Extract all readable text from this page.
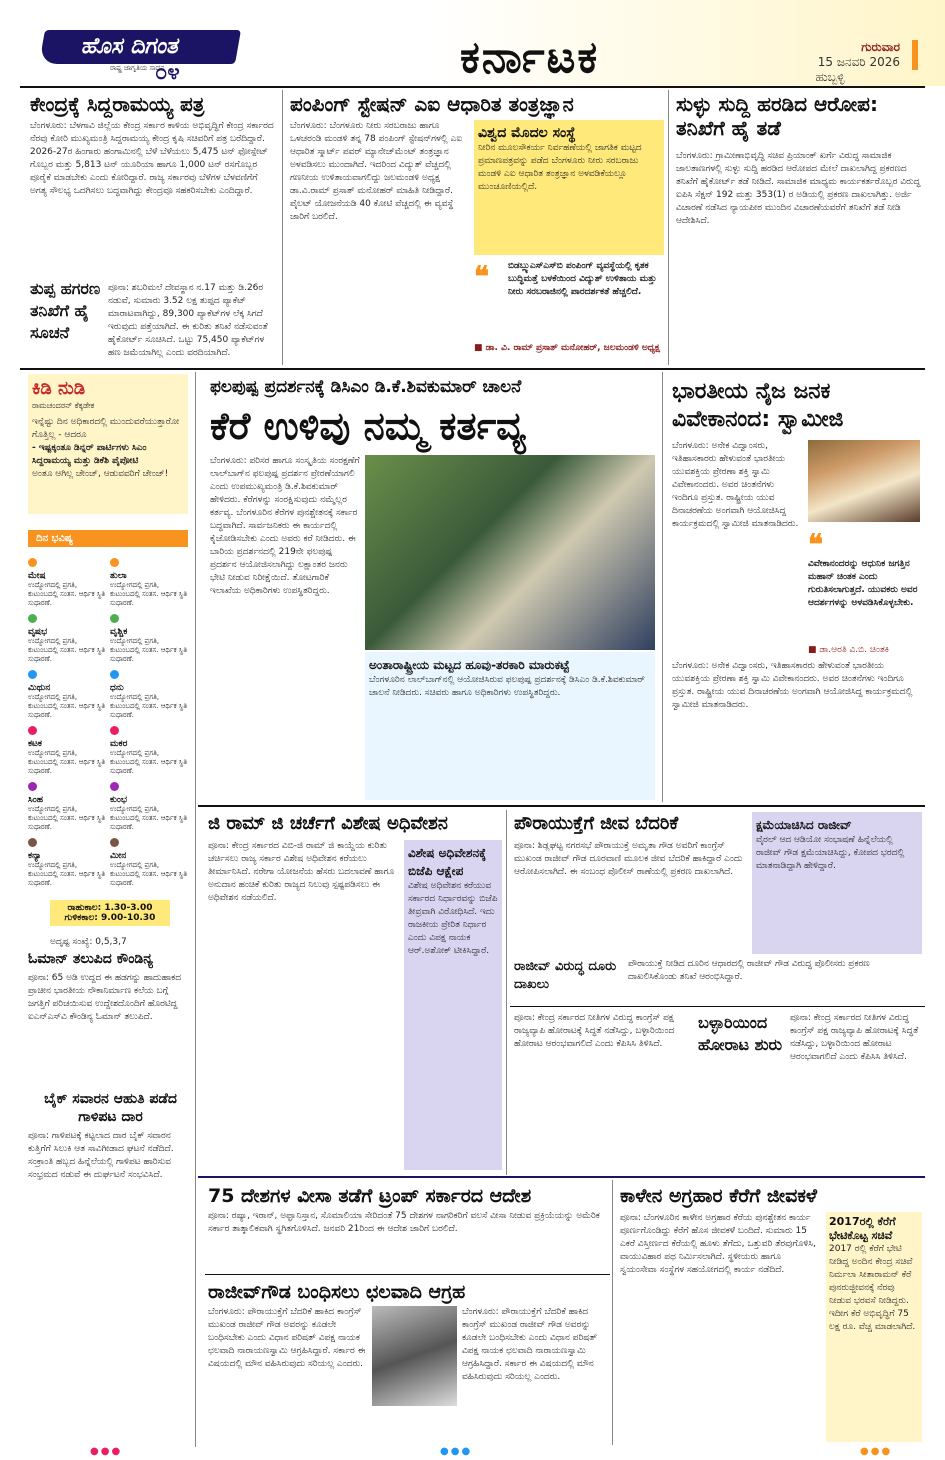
ಹೊಸ ದಿಗಂತ
ರಾಷ್ಟ್ರ ಜಾಗೃತಿಯ ಸಾಧನ
೦೪	ಕರ್ನಾಟಕ	ಗುರುವಾರ
15 ಜನವರಿ 2026
ಹುಬ್ಬಳ್ಳಿ
ಕೇಂದ್ರಕ್ಕೆ ಸಿದ್ದರಾಮಯ್ಯ ಪತ್ರ
ಬೆಂಗಳೂರು: ಬೆಳಗಾವಿ ಜಿಲ್ಲೆಯ ಕೇಂದ್ರ ಸರ್ಕಾರ ಕಾಳಿಯ ಅಭಿವೃದ್ಧಿಗೆ ಕೇಂದ್ರ ಸರ್ಕಾರದ ನೆರವು ಕೋರಿ ಮುಖ್ಯಮಂತ್ರಿ ಸಿದ್ದರಾಮಯ್ಯ ಕೇಂದ್ರ ಕೃಷಿ ಸಚಿವರಿಗೆ ಪತ್ರ ಬರೆದಿದ್ದಾರೆ. 2026-27ರ ಹಿಂಗಾರು ಹಂಗಾಮಿನಲ್ಲಿ ಬೆಳೆ ಬೆಳೆಯಲು 5,475 ಟನ್ ಫೋಸ್ಪೇಟ್ ಗೊಬ್ಬರ ಮತ್ತು 5,813 ಟನ್ ಯೂರಿಯಾ ಹಾಗೂ 1,000 ಟನ್ ರಸಗೊಬ್ಬರ ಪೂರೈಕೆ ಮಾಡಬೇಕು ಎಂದು ಕೋರಿದ್ದಾರೆ. ರಾಜ್ಯ ಸರ್ಕಾರವು ಬೆಳೆಗಳ ಬೆಳವಣಿಗೆಗೆ ಅಗತ್ಯ ಸೌಲಭ್ಯ ಒದಗಿಸಲು ಬದ್ಧವಾಗಿದ್ದು ಕೇಂದ್ರವೂ ಸಹಕರಿಸಬೇಕು ಎಂದಿದ್ದಾರೆ.
ತುಪ್ಪ ಹಗರಣ ತನಿಖೆಗೆ ಹೈ ಸೂಚನೆ
ಪೂನಾ: ಶಬರಿಮಲೆ ದೇವಸ್ಥಾನ ನ.17 ಮತ್ತು ಡಿ.26ರ ನಡುವೆ, ಸುಮಾರು 3.52 ಲಕ್ಷ ತುಪ್ಪದ ಪ್ಯಾಕೆಟ್ ಮಾರಾಟವಾಗಿದ್ದು, 89,300 ಪ್ಯಾಕೆಟ್‌ಗಳ ಲೆಕ್ಕ ಸಿಗದೆ ಇರುವುದು ಪತ್ತೆಯಾಗಿದೆ. ಈ ಕುರಿತು ತನಿಖೆ ನಡೆಸುವಂತೆ ಹೈಕೋರ್ಟ್ ಸೂಚಿಸಿದೆ. ಒಟ್ಟು 75,450 ಪ್ಯಾಕೆಟ್‌ಗಳ ಹಣ ಜಮೆಯಾಗಿಲ್ಲ ಎಂದು ವರದಿಯಾಗಿದೆ.
ಪಂಪಿಂಗ್ ಸ್ಟೇಷನ್ ಎಐ ಆಧಾರಿತ ತಂತ್ರಜ್ಞಾನ
ಬೆಂಗಳೂರು: ಬೆಂಗಳೂರು ನೀರು ಸರಬರಾಜು ಹಾಗೂ ಒಳಚರಂಡಿ ಮಂಡಳಿ ತನ್ನ 78 ಪಂಪಿಂಗ್ ಸ್ಟೇಷನ್‌ಗಳಲ್ಲಿ ಎಐ ಆಧಾರಿತ ಸ್ಮಾರ್ಟ್ ಪವರ್ ಮ್ಯಾನೇಜ್‌ಮೆಂಟ್ ತಂತ್ರಜ್ಞಾನ ಅಳವಡಿಸಲು ಮುಂದಾಗಿದೆ. ಇದರಿಂದ ವಿದ್ಯುತ್ ವೆಚ್ಚದಲ್ಲಿ ಗಣನೀಯ ಉಳಿತಾಯವಾಗಲಿದ್ದು ಜಲಮಂಡಳಿ ಅಧ್ಯಕ್ಷ ಡಾ.ವಿ.ರಾಮ್ ಪ್ರಸಾತ್ ಮನೋಹರ್ ಮಾಹಿತಿ ನೀಡಿದ್ದಾರೆ. ಪೈಲಟ್ ಯೋಜನೆಯಡಿ 40 ಕೋಟಿ ವೆಚ್ಚದಲ್ಲಿ ಈ ವ್ಯವಸ್ಥೆ ಜಾರಿಗೆ ಬರಲಿದೆ.
ವಿಶ್ವದ ಮೊದಲ ಸಂಸ್ಥೆ
ನೀರಿನ ಮೂಲಸೌಕರ್ಯ ನಿರ್ವಹಣೆಯಲ್ಲಿ ಜಾಗತಿಕ ಮಟ್ಟದ ಪ್ರಮಾಣಪತ್ರವನ್ನು ಪಡೆದ ಬೆಂಗಳೂರು ನೀರು ಸರಬರಾಜು ಮಂಡಳಿ ಎಐ ಆಧಾರಿತ ತಂತ್ರಜ್ಞಾನ ಅಳವಡಿಕೆಯಲ್ಲೂ ಮುಂಚೂಣಿಯಲ್ಲಿದೆ.
❝	ಬಿಡಬ್ಲ್ಯುಎಸ್‌ಎಸ್‌ಬಿ ಪಂಪಿಂಗ್ ವ್ಯವಸ್ಥೆಯಲ್ಲಿ ಕೃತಕ ಬುದ್ಧಿಮತ್ತೆ ಬಳಕೆಯಿಂದ ವಿದ್ಯುತ್ ಉಳಿತಾಯ ಮತ್ತು ನೀರು ಸರಬರಾಜಿನಲ್ಲಿ ಪಾರದರ್ಶಕತೆ ಹೆಚ್ಚಲಿದೆ.
■ ಡಾ. ವಿ. ರಾಮ್ ಪ್ರಸಾತ್ ಮನೋಹರ್, ಜಲಮಂಡಳಿ ಅಧ್ಯಕ್ಷ
ಸುಳ್ಳು ಸುದ್ದಿ ಹರಡಿದ ಆರೋಪ: ತನಿಖೆಗೆ ಹೈ ತಡೆ
ಬೆಂಗಳೂರು: ಗ್ರಾಮೀಣಾಭಿವೃದ್ಧಿ ಸಚಿವ ಪ್ರಿಯಾಂಕ್ ಖರ್ಗೆ ವಿರುದ್ಧ ಸಾಮಾಜಿಕ ಜಾಲತಾಣಗಳಲ್ಲಿ ಸುಳ್ಳು ಸುದ್ದಿ ಹರಡಿದ ಆರೋಪದ ಮೇಲೆ ದಾಖಲಾಗಿದ್ದ ಪ್ರಕರಣದ ತನಿಖೆಗೆ ಹೈಕೋರ್ಟ್ ತಡೆ ನೀಡಿದೆ. ಸಾಮಾಜಿಕ ಮಾಧ್ಯಮ ಕಾರ್ಯಕರ್ತರೊಬ್ಬರ ವಿರುದ್ಧ ಐಪಿಸಿ ಸೆಕ್ಷನ್ 192 ಮತ್ತು 353(1) ರ ಅಡಿಯಲ್ಲಿ ಪ್ರಕರಣ ದಾಖಲಾಗಿತ್ತು. ಅರ್ಜಿ ವಿಚಾರಣೆ ನಡೆಸಿದ ನ್ಯಾಯಪೀಠ ಮುಂದಿನ ವಿಚಾರಣೆಯವರೆಗೆ ತನಿಖೆಗೆ ತಡೆ ನೀಡಿ ಆದೇಶಿಸಿದೆ.
ಕಿಡಿ ನುಡಿ
ರಾಮಚಂದರನ್ ಕೆಕ್ಕಡೇಕ
ಇನ್ನೆಷ್ಟು ದಿನ ಅಧಿಕಾರದಲ್ಲಿ ಮುಂದುವರೆಯುತ್ತಾರೋ ಗೊತ್ತಿಲ್ಲ - ಆದರೂ
- ಇಷ್ಟಕ್ಕಂತೂ ಡಿನ್ನರ್ ಪಾರ್ಟಿಗಳು ಸಿಎಂ ಸಿದ್ದರಾಮಯ್ಯ ಮತ್ತು ಡಿಕೆಶಿ ಪೈಪೋಟಿ
ಅಂತೂ ಆಗಿಲ್ಲ ಚೇಂಜ್, ಆಡುವವರಿಗೆ ಚೇಂಜ್!
ದಿನ ಭವಿಷ್ಯ
ಮೇಷ
ಉದ್ಯೋಗದಲ್ಲಿ ಪ್ರಗತಿ, ಕುಟುಂಬದಲ್ಲಿ ಸಂತಸ. ಆರ್ಥಿಕ ಸ್ಥಿತಿ ಸುಧಾರಣೆ.
ತುಲಾ
ಉದ್ಯೋಗದಲ್ಲಿ ಪ್ರಗತಿ, ಕುಟುಂಬದಲ್ಲಿ ಸಂತಸ. ಆರ್ಥಿಕ ಸ್ಥಿತಿ ಸುಧಾರಣೆ.
ವೃಷಭ
ಉದ್ಯೋಗದಲ್ಲಿ ಪ್ರಗತಿ, ಕುಟುಂಬದಲ್ಲಿ ಸಂತಸ. ಆರ್ಥಿಕ ಸ್ಥಿತಿ ಸುಧಾರಣೆ.
ವೃಶ್ಚಿಕ
ಉದ್ಯೋಗದಲ್ಲಿ ಪ್ರಗತಿ, ಕುಟುಂಬದಲ್ಲಿ ಸಂತಸ. ಆರ್ಥಿಕ ಸ್ಥಿತಿ ಸುಧಾರಣೆ.
ಮಿಥುನ
ಉದ್ಯೋಗದಲ್ಲಿ ಪ್ರಗತಿ, ಕುಟುಂಬದಲ್ಲಿ ಸಂತಸ. ಆರ್ಥಿಕ ಸ್ಥಿತಿ ಸುಧಾರಣೆ.
ಧನು
ಉದ್ಯೋಗದಲ್ಲಿ ಪ್ರಗತಿ, ಕುಟುಂಬದಲ್ಲಿ ಸಂತಸ. ಆರ್ಥಿಕ ಸ್ಥಿತಿ ಸುಧಾರಣೆ.
ಕಟಕ
ಉದ್ಯೋಗದಲ್ಲಿ ಪ್ರಗತಿ, ಕುಟುಂಬದಲ್ಲಿ ಸಂತಸ. ಆರ್ಥಿಕ ಸ್ಥಿತಿ ಸುಧಾರಣೆ.
ಮಕರ
ಉದ್ಯೋಗದಲ್ಲಿ ಪ್ರಗತಿ, ಕುಟುಂಬದಲ್ಲಿ ಸಂತಸ. ಆರ್ಥಿಕ ಸ್ಥಿತಿ ಸುಧಾರಣೆ.
ಸಿಂಹ
ಉದ್ಯೋಗದಲ್ಲಿ ಪ್ರಗತಿ, ಕುಟುಂಬದಲ್ಲಿ ಸಂತಸ. ಆರ್ಥಿಕ ಸ್ಥಿತಿ ಸುಧಾರಣೆ.
ಕುಂಭ
ಉದ್ಯೋಗದಲ್ಲಿ ಪ್ರಗತಿ, ಕುಟುಂಬದಲ್ಲಿ ಸಂತಸ. ಆರ್ಥಿಕ ಸ್ಥಿತಿ ಸುಧಾರಣೆ.
ಕನ್ಯಾ
ಉದ್ಯೋಗದಲ್ಲಿ ಪ್ರಗತಿ, ಕುಟುಂಬದಲ್ಲಿ ಸಂತಸ. ಆರ್ಥಿಕ ಸ್ಥಿತಿ ಸುಧಾರಣೆ.
ಮೀನ
ಉದ್ಯೋಗದಲ್ಲಿ ಪ್ರಗತಿ, ಕುಟುಂಬದಲ್ಲಿ ಸಂತಸ. ಆರ್ಥಿಕ ಸ್ಥಿತಿ ಸುಧಾರಣೆ.
ರಾಹುಕಾಲ: 1.30-3.00
ಗುಳಿಕಕಾಲ: 9.00-10.30
ಅದೃಷ್ಟ ಸಂಖ್ಯೆ: 0,5,3,7
ಓಮಾನ್ ತಲುಪಿದ ಕೌಂಡಿನ್ಯ
ಪೂನಾ: 65 ಅಡಿ ಉದ್ದದ ಈ ಹಡಗನ್ನು ಹಾದುಹಾಕದ ಪ್ರಾಚೀನ ಭಾರತೀಯ ನೌಕಾನಿರ್ಮಾಣ ಕಲೆಯ ಬಗ್ಗೆ ಜಗತ್ತಿಗೆ ಪರಿಚಯಿಸುವ ಉದ್ದೇಶದೊಂದಿಗೆ ಹೊರಟಿದ್ದ ಐಎನ್‌ಎಸ್‌ವಿ ಕೌಂಡಿನ್ಯ ಓಮಾನ್ ತಲುಪಿದೆ.
ಬೈಕ್ ಸವಾರನ ಆಹುತಿ ಪಡೆದ ಗಾಳಿಪಟ ದಾರ
ಪೂನಾ: ಗಾಳಿಪಟಕ್ಕೆ ಕಟ್ಟಲಾದ ದಾರ ಬೈಕ್ ಸವಾರನ ಕುತ್ತಿಗೆಗೆ ಸಿಲುಕಿ ಆತ ಸಾವಿಗೀಡಾದ ಘಟನೆ ನಡೆದಿದೆ. ಸಂಕ್ರಾಂತಿ ಹಬ್ಬದ ಹಿನ್ನೆಲೆಯಲ್ಲಿ ಗಾಳಿಪಟ ಹಾರಿಸುವ ಸಂಭ್ರಮದ ನಡುವೆ ಈ ದುರ್ಘಟನೆ ಸಂಭವಿಸಿದೆ.
ಫಲಪುಷ್ಪ ಪ್ರದರ್ಶನಕ್ಕೆ ಡಿಸಿಎಂ ಡಿ.ಕೆ.ಶಿವಕುಮಾರ್ ಚಾಲನೆ
ಕೆರೆ ಉಳಿವು ನಮ್ಮ ಕರ್ತವ್ಯ
ಬೆಂಗಳೂರು: ಪರಿಸರ ಹಾಗೂ ಸಂಸ್ಕೃತಿಯ ಸಂರಕ್ಷಣೆಗೆ ಲಾಲ್‌ಬಾಗ್‌ನ ಫಲಪುಷ್ಪ ಪ್ರದರ್ಶನ ಪ್ರೇರಣೆಯಾಗಲಿ ಎಂದು ಉಪಮುಖ್ಯಮಂತ್ರಿ ಡಿ.ಕೆ.ಶಿವಕುಮಾರ್ ಹೇಳಿದರು. ಕೆರೆಗಳನ್ನು ಸಂರಕ್ಷಿಸುವುದು ನಮ್ಮೆಲ್ಲರ ಕರ್ತವ್ಯ. ಬೆಂಗಳೂರಿನ ಕೆರೆಗಳ ಪುನಶ್ಚೇತನಕ್ಕೆ ಸರ್ಕಾರ ಬದ್ಧವಾಗಿದೆ. ಸಾರ್ವಜನಿಕರು ಈ ಕಾರ್ಯದಲ್ಲಿ ಕೈಜೋಡಿಸಬೇಕು ಎಂದು ಅವರು ಕರೆ ನೀಡಿದರು. ಈ ಬಾರಿಯ ಪ್ರದರ್ಶನದಲ್ಲಿ 219ನೇ ಫಲಪುಷ್ಪ ಪ್ರದರ್ಶನ ಆಯೋಜಿಸಲಾಗಿದ್ದು ಲಕ್ಷಾಂತರ ಜನರು ಭೇಟಿ ನೀಡುವ ನಿರೀಕ್ಷೆಯಿದೆ. ತೋಟಗಾರಿಕೆ ಇಲಾಖೆಯ ಅಧಿಕಾರಿಗಳು ಉಪಸ್ಥಿತರಿದ್ದರು.
ಅಂತಾರಾಷ್ಟ್ರೀಯ ಮಟ್ಟದ ಹೂವು-ತರಕಾರಿ ಮಾರುಕಟ್ಟೆ
ಬೆಂಗಳೂರಿನ ಲಾಲ್‌ಬಾಗ್‌ನಲ್ಲಿ ಆಯೋಜಿಸಿರುವ ಫಲಪುಷ್ಪ ಪ್ರದರ್ಶನಕ್ಕೆ ಡಿಸಿಎಂ ಡಿ.ಕೆ.ಶಿವಕುಮಾರ್ ಚಾಲನೆ ನೀಡಿದರು. ಸಚಿವರು ಹಾಗೂ ಅಧಿಕಾರಿಗಳು ಉಪಸ್ಥಿತರಿದ್ದರು.
ಭಾರತೀಯ ನೈಜ ಜನಕ ವಿವೇಕಾನಂದ: ಸ್ವಾಮೀಜಿ
ಬೆಂಗಳೂರು: ಅನೇಕ ವಿದ್ವಾಂಸರು, ಇತಿಹಾಸಕಾರರು ಹೇಳುವಂತೆ ಭಾರತೀಯ ಯುವಶಕ್ತಿಯ ಪ್ರೇರಣಾ ಶಕ್ತಿ ಸ್ವಾಮಿ ವಿವೇಕಾನಂದರು. ಅವರ ಚಿಂತನೆಗಳು ಇಂದಿಗೂ ಪ್ರಸ್ತುತ. ರಾಷ್ಟ್ರೀಯ ಯುವ ದಿನಾಚರಣೆಯ ಅಂಗವಾಗಿ ಆಯೋಜಿಸಿದ್ದ ಕಾರ್ಯಕ್ರಮದಲ್ಲಿ ಸ್ವಾಮೀಜಿ ಮಾತನಾಡಿದರು.
❝
ವಿವೇಕಾನಂದರನ್ನು ಆಧುನಿಕ ಜಗತ್ತಿನ ಮಹಾನ್ ಚಿಂತಕ ಎಂದು ಗುರುತಿಸಲಾಗುತ್ತದೆ. ಯುವಕರು ಅವರ ಆದರ್ಶಗಳನ್ನು ಅಳವಡಿಸಿಕೊಳ್ಳಬೇಕು.
■ ಡಾ.ಆರತಿ ವಿ.ಬಿ. ಚಿಂತಕಿ
ಬೆಂಗಳೂರು: ಅನೇಕ ವಿದ್ವಾಂಸರು, ಇತಿಹಾಸಕಾರರು ಹೇಳುವಂತೆ ಭಾರತೀಯ ಯುವಶಕ್ತಿಯ ಪ್ರೇರಣಾ ಶಕ್ತಿ ಸ್ವಾಮಿ ವಿವೇಕಾನಂದರು. ಅವರ ಚಿಂತನೆಗಳು ಇಂದಿಗೂ ಪ್ರಸ್ತುತ. ರಾಷ್ಟ್ರೀಯ ಯುವ ದಿನಾಚರಣೆಯ ಅಂಗವಾಗಿ ಆಯೋಜಿಸಿದ್ದ ಕಾರ್ಯಕ್ರಮದಲ್ಲಿ ಸ್ವಾಮೀಜಿ ಮಾತನಾಡಿದರು.
ಜಿ ರಾಮ್ ಜಿ ಚರ್ಚೆಗೆ ವಿಶೇಷ ಅಧಿವೇಶನ
ಪೂನಾ: ಕೇಂದ್ರ ಸರ್ಕಾರದ ವಿಬಿ-ಜಿ ರಾಮ್ ಜಿ ಕಾಯ್ದೆಯ ಕುರಿತು ಚರ್ಚಿಸಲು ರಾಜ್ಯ ಸರ್ಕಾರ ವಿಶೇಷ ಅಧಿವೇಶನ ಕರೆಯಲು ತೀರ್ಮಾನಿಸಿದೆ. ನರೇಗಾ ಯೋಜನೆಯ ಹೆಸರು ಬದಲಾವಣೆ ಹಾಗೂ ಅನುದಾನ ಹಂಚಿಕೆ ಕುರಿತು ರಾಜ್ಯದ ನಿಲುವು ಸ್ಪಷ್ಟಪಡಿಸಲು ಈ ಅಧಿವೇಶನ ನಡೆಯಲಿದೆ.
ವಿಶೇಷ ಅಧಿವೇಶನಕ್ಕೆ ಬಿಜೆಪಿ ಆಕ್ಷೇಪ
ವಿಶೇಷ ಅಧಿವೇಶನ ಕರೆಯುವ ಸರ್ಕಾರದ ನಿರ್ಧಾರವನ್ನು ಬಿಜೆಪಿ ತೀವ್ರವಾಗಿ ವಿರೋಧಿಸಿದೆ. ಇದು ರಾಜಕೀಯ ಪ್ರೇರಿತ ನಿರ್ಧಾರ ಎಂದು ವಿಪಕ್ಷ ನಾಯಕ ಆರ್.ಅಶೋಕ್ ಟೀಕಿಸಿದ್ದಾರೆ.
ಪೌರಾಯುಕ್ತೆಗೆ ಜೀವ ಬೆದರಿಕೆ
ಪೂನಾ: ಶಿಡ್ಲಘಟ್ಟ ನಗರಸಭೆ ಪೌರಾಯುಕ್ತೆ ಅಮೃತಾ ಗೌಡ ಅವರಿಗೆ ಕಾಂಗ್ರೆಸ್ ಮುಖಂಡ ರಾಜೀವ್ ಗೌಡ ದೂರವಾಣಿ ಮೂಲಕ ಜೀವ ಬೆದರಿಕೆ ಹಾಕಿದ್ದಾರೆ ಎಂದು ಆರೋಪಿಸಲಾಗಿದೆ. ಈ ಸಂಬಂಧ ಪೊಲೀಸ್ ಠಾಣೆಯಲ್ಲಿ ಪ್ರಕರಣ ದಾಖಲಾಗಿದೆ.
ರಾಜೀವ್ ವಿರುದ್ಧ ದೂರು ದಾಖಲು
ಪೌರಾಯುಕ್ತೆ ನೀಡಿದ ದೂರಿನ ಆಧಾರದಲ್ಲಿ ರಾಜೀವ್ ಗೌಡ ವಿರುದ್ಧ ಪೊಲೀಸರು ಪ್ರಕರಣ ದಾಖಲಿಸಿಕೊಂಡು ತನಿಖೆ ಆರಂಭಿಸಿದ್ದಾರೆ.
ಕ್ಷಮೆಯಾಚಿಸಿದ ರಾಜೀವ್
ವೈರಲ್ ಆದ ಆಡಿಯೋ ಸಂಭಾಷಣೆ ಹಿನ್ನೆಲೆಯಲ್ಲಿ ರಾಜೀವ್ ಗೌಡ ಕ್ಷಮೆಯಾಚಿಸಿದ್ದು, ಕೋಪದ ಭರದಲ್ಲಿ ಮಾತನಾಡಿದ್ದಾಗಿ ಹೇಳಿದ್ದಾರೆ.
ಪೂನಾ: ಕೇಂದ್ರ ಸರ್ಕಾರದ ನೀತಿಗಳ ವಿರುದ್ಧ ಕಾಂಗ್ರೆಸ್ ಪಕ್ಷ ರಾಜ್ಯವ್ಯಾಪಿ ಹೋರಾಟಕ್ಕೆ ಸಿದ್ಧತೆ ನಡೆಸಿದ್ದು, ಬಳ್ಳಾರಿಯಿಂದ ಹೋರಾಟ ಆರಂಭವಾಗಲಿದೆ ಎಂದು ಕೆಪಿಸಿಸಿ ತಿಳಿಸಿದೆ.
ಬಳ್ಳಾರಿಯಿಂದ ಹೋರಾಟ ಶುರು
ಪೂನಾ: ಕೇಂದ್ರ ಸರ್ಕಾರದ ನೀತಿಗಳ ವಿರುದ್ಧ ಕಾಂಗ್ರೆಸ್ ಪಕ್ಷ ರಾಜ್ಯವ್ಯಾಪಿ ಹೋರಾಟಕ್ಕೆ ಸಿದ್ಧತೆ ನಡೆಸಿದ್ದು, ಬಳ್ಳಾರಿಯಿಂದ ಹೋರಾಟ ಆರಂಭವಾಗಲಿದೆ ಎಂದು ಕೆಪಿಸಿಸಿ ತಿಳಿಸಿದೆ.
75 ದೇಶಗಳ ವೀಸಾ ತಡೆಗೆ ಟ್ರಂಪ್ ಸರ್ಕಾರದ ಆದೇಶ
ಪೂನಾ: ರಷ್ಯಾ, ಇರಾನ್, ಅಫ್ಘಾನಿಸ್ತಾನ, ಸೊಮಾಲಿಯಾ ಸೇರಿದಂತೆ 75 ದೇಶಗಳ ನಾಗರಿಕರಿಗೆ ವಲಸೆ ವೀಸಾ ನೀಡುವ ಪ್ರಕ್ರಿಯೆಯನ್ನು ಅಮೆರಿಕ ಸರ್ಕಾರ ತಾತ್ಕಾಲಿಕವಾಗಿ ಸ್ಥಗಿತಗೊಳಿಸಿದೆ. ಜನವರಿ 21ರಿಂದ ಈ ಆದೇಶ ಜಾರಿಗೆ ಬರಲಿದೆ.
ರಾಜೀವ್‌ಗೌಡ ಬಂಧಿಸಲು ಛಲವಾದಿ ಆಗ್ರಹ
ಬೆಂಗಳೂರು: ಪೌರಾಯುಕ್ತೆಗೆ ಬೆದರಿಕೆ ಹಾಕಿದ ಕಾಂಗ್ರೆಸ್ ಮುಖಂಡ ರಾಜೀವ್ ಗೌಡ ಅವರನ್ನು ಕೂಡಲೇ ಬಂಧಿಸಬೇಕು ಎಂದು ವಿಧಾನ ಪರಿಷತ್ ವಿಪಕ್ಷ ನಾಯಕ ಛಲವಾದಿ ನಾರಾಯಣಸ್ವಾಮಿ ಆಗ್ರಹಿಸಿದ್ದಾರೆ. ಸರ್ಕಾರ ಈ ವಿಷಯದಲ್ಲಿ ಮೌನ ವಹಿಸಿರುವುದು ಸರಿಯಲ್ಲ ಎಂದರು.
ಬೆಂಗಳೂರು: ಪೌರಾಯುಕ್ತೆಗೆ ಬೆದರಿಕೆ ಹಾಕಿದ ಕಾಂಗ್ರೆಸ್ ಮುಖಂಡ ರಾಜೀವ್ ಗೌಡ ಅವರನ್ನು ಕೂಡಲೇ ಬಂಧಿಸಬೇಕು ಎಂದು ವಿಧಾನ ಪರಿಷತ್ ವಿಪಕ್ಷ ನಾಯಕ ಛಲವಾದಿ ನಾರಾಯಣಸ್ವಾಮಿ ಆಗ್ರಹಿಸಿದ್ದಾರೆ. ಸರ್ಕಾರ ಈ ವಿಷಯದಲ್ಲಿ ಮೌನ ವಹಿಸಿರುವುದು ಸರಿಯಲ್ಲ ಎಂದರು.
ಕಾಳೇನ ಅಗ್ರಹಾರ ಕೆರೆಗೆ ಜೀವಕಳೆ
ಪೂನಾ: ಬೆಂಗಳೂರಿನ ಕಾಳೇನ ಅಗ್ರಹಾರ ಕೆರೆಯ ಪುನಶ್ಚೇತನ ಕಾರ್ಯ ಪೂರ್ಣಗೊಂಡಿದ್ದು ಕೆರೆಗೆ ಹೊಸ ಜೀವಕಳೆ ಬಂದಿದೆ. ಸುಮಾರು 15 ಎಕರೆ ವಿಸ್ತೀರ್ಣದ ಕೆರೆಯಲ್ಲಿ ಹೂಳು ತೆಗೆದು, ಒತ್ತುವರಿ ತೆರವುಗೊಳಿಸಿ, ವಾಯುವಿಹಾರ ಪಥ ನಿರ್ಮಿಸಲಾಗಿದೆ. ಸ್ಥಳೀಯರು ಹಾಗೂ ಸ್ವಯಂಸೇವಾ ಸಂಸ್ಥೆಗಳ ಸಹಯೋಗದಲ್ಲಿ ಕಾರ್ಯ ನಡೆದಿದೆ.
2017ರಲ್ಲಿ ಕೆರೆಗೆ ಭೇಟಿಕೊಟ್ಟ ಸಚಿವೆ
2017 ರಲ್ಲಿ ಕೆರೆಗೆ ಭೇಟಿ ನೀಡಿದ್ದ ಅಂದಿನ ಕೇಂದ್ರ ಸಚಿವೆ ನಿರ್ಮಲಾ ಸೀತಾರಾಮನ್ ಕೆರೆ ಪುನರುಜ್ಜೀವನಕ್ಕೆ ನೆರವು ನೀಡುವ ಭರವಸೆ ನೀಡಿದ್ದರು. ಇದೀಗ ಕೆರೆ ಅಭಿವೃದ್ಧಿಗೆ 75 ಲಕ್ಷ ರೂ. ವೆಚ್ಚ ಮಾಡಲಾಗಿದೆ.
●●●	●●●	●●●
